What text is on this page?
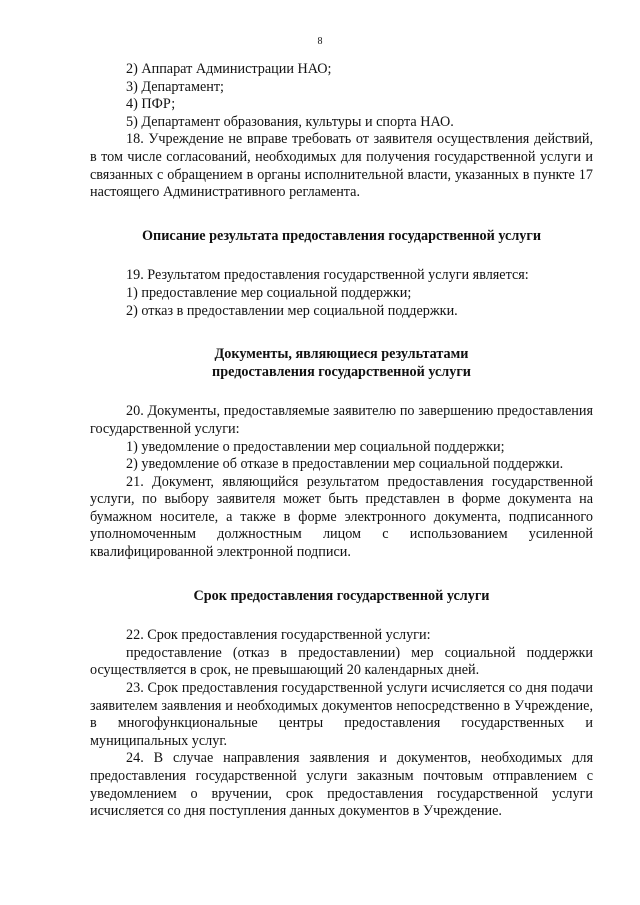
8

2) Аппарат Администрации НАО;

3) Департамент;

4) ПФР;

5) Департамент образования, культуры и спорта НАО.

18. Учреждение не вправе требовать от заявителя осуществления действий, в том числе согласований, необходимых для получения государственной услуги и связанных с обращением в органы исполнительной власти, указанных в пункте 17 настоящего Административного регламента.

Описание результата предоставления государственной услуги

19. Результатом предоставления государственной услуги является:

1) предоставление мер социальной поддержки;

2) отказ в предоставлении мер социальной поддержки.

Документы, являющиеся результатами
предоставления государственной услуги

20. Документы, предоставляемые заявителю по завершению предоставления государственной услуги:

1) уведомление о предоставлении мер социальной поддержки;

2) уведомление об отказе в предоставлении мер социальной поддержки.

21. Документ, являющийся результатом предоставления государственной услуги, по выбору заявителя может быть представлен в форме документа на бумажном носителе, а также в форме электронного документа, подписанного уполномоченным должностным лицом с использованием усиленной квалифицированной электронной подписи.

Срок предоставления государственной услуги

22. Срок предоставления государственной услуги:

предоставление (отказ в предоставлении) мер социальной поддержки осуществляется в срок, не превышающий 20 календарных дней.

23. Срок предоставления государственной услуги исчисляется со дня подачи заявителем заявления и необходимых документов непосредственно в Учреждение, в многофункциональные центры предоставления государственных и муниципальных услуг.

24. В случае направления заявления и документов, необходимых для предоставления государственной услуги заказным почтовым отправлением с уведомлением о вручении, срок предоставления государственной услуги исчисляется со дня поступления данных документов в Учреждение.
